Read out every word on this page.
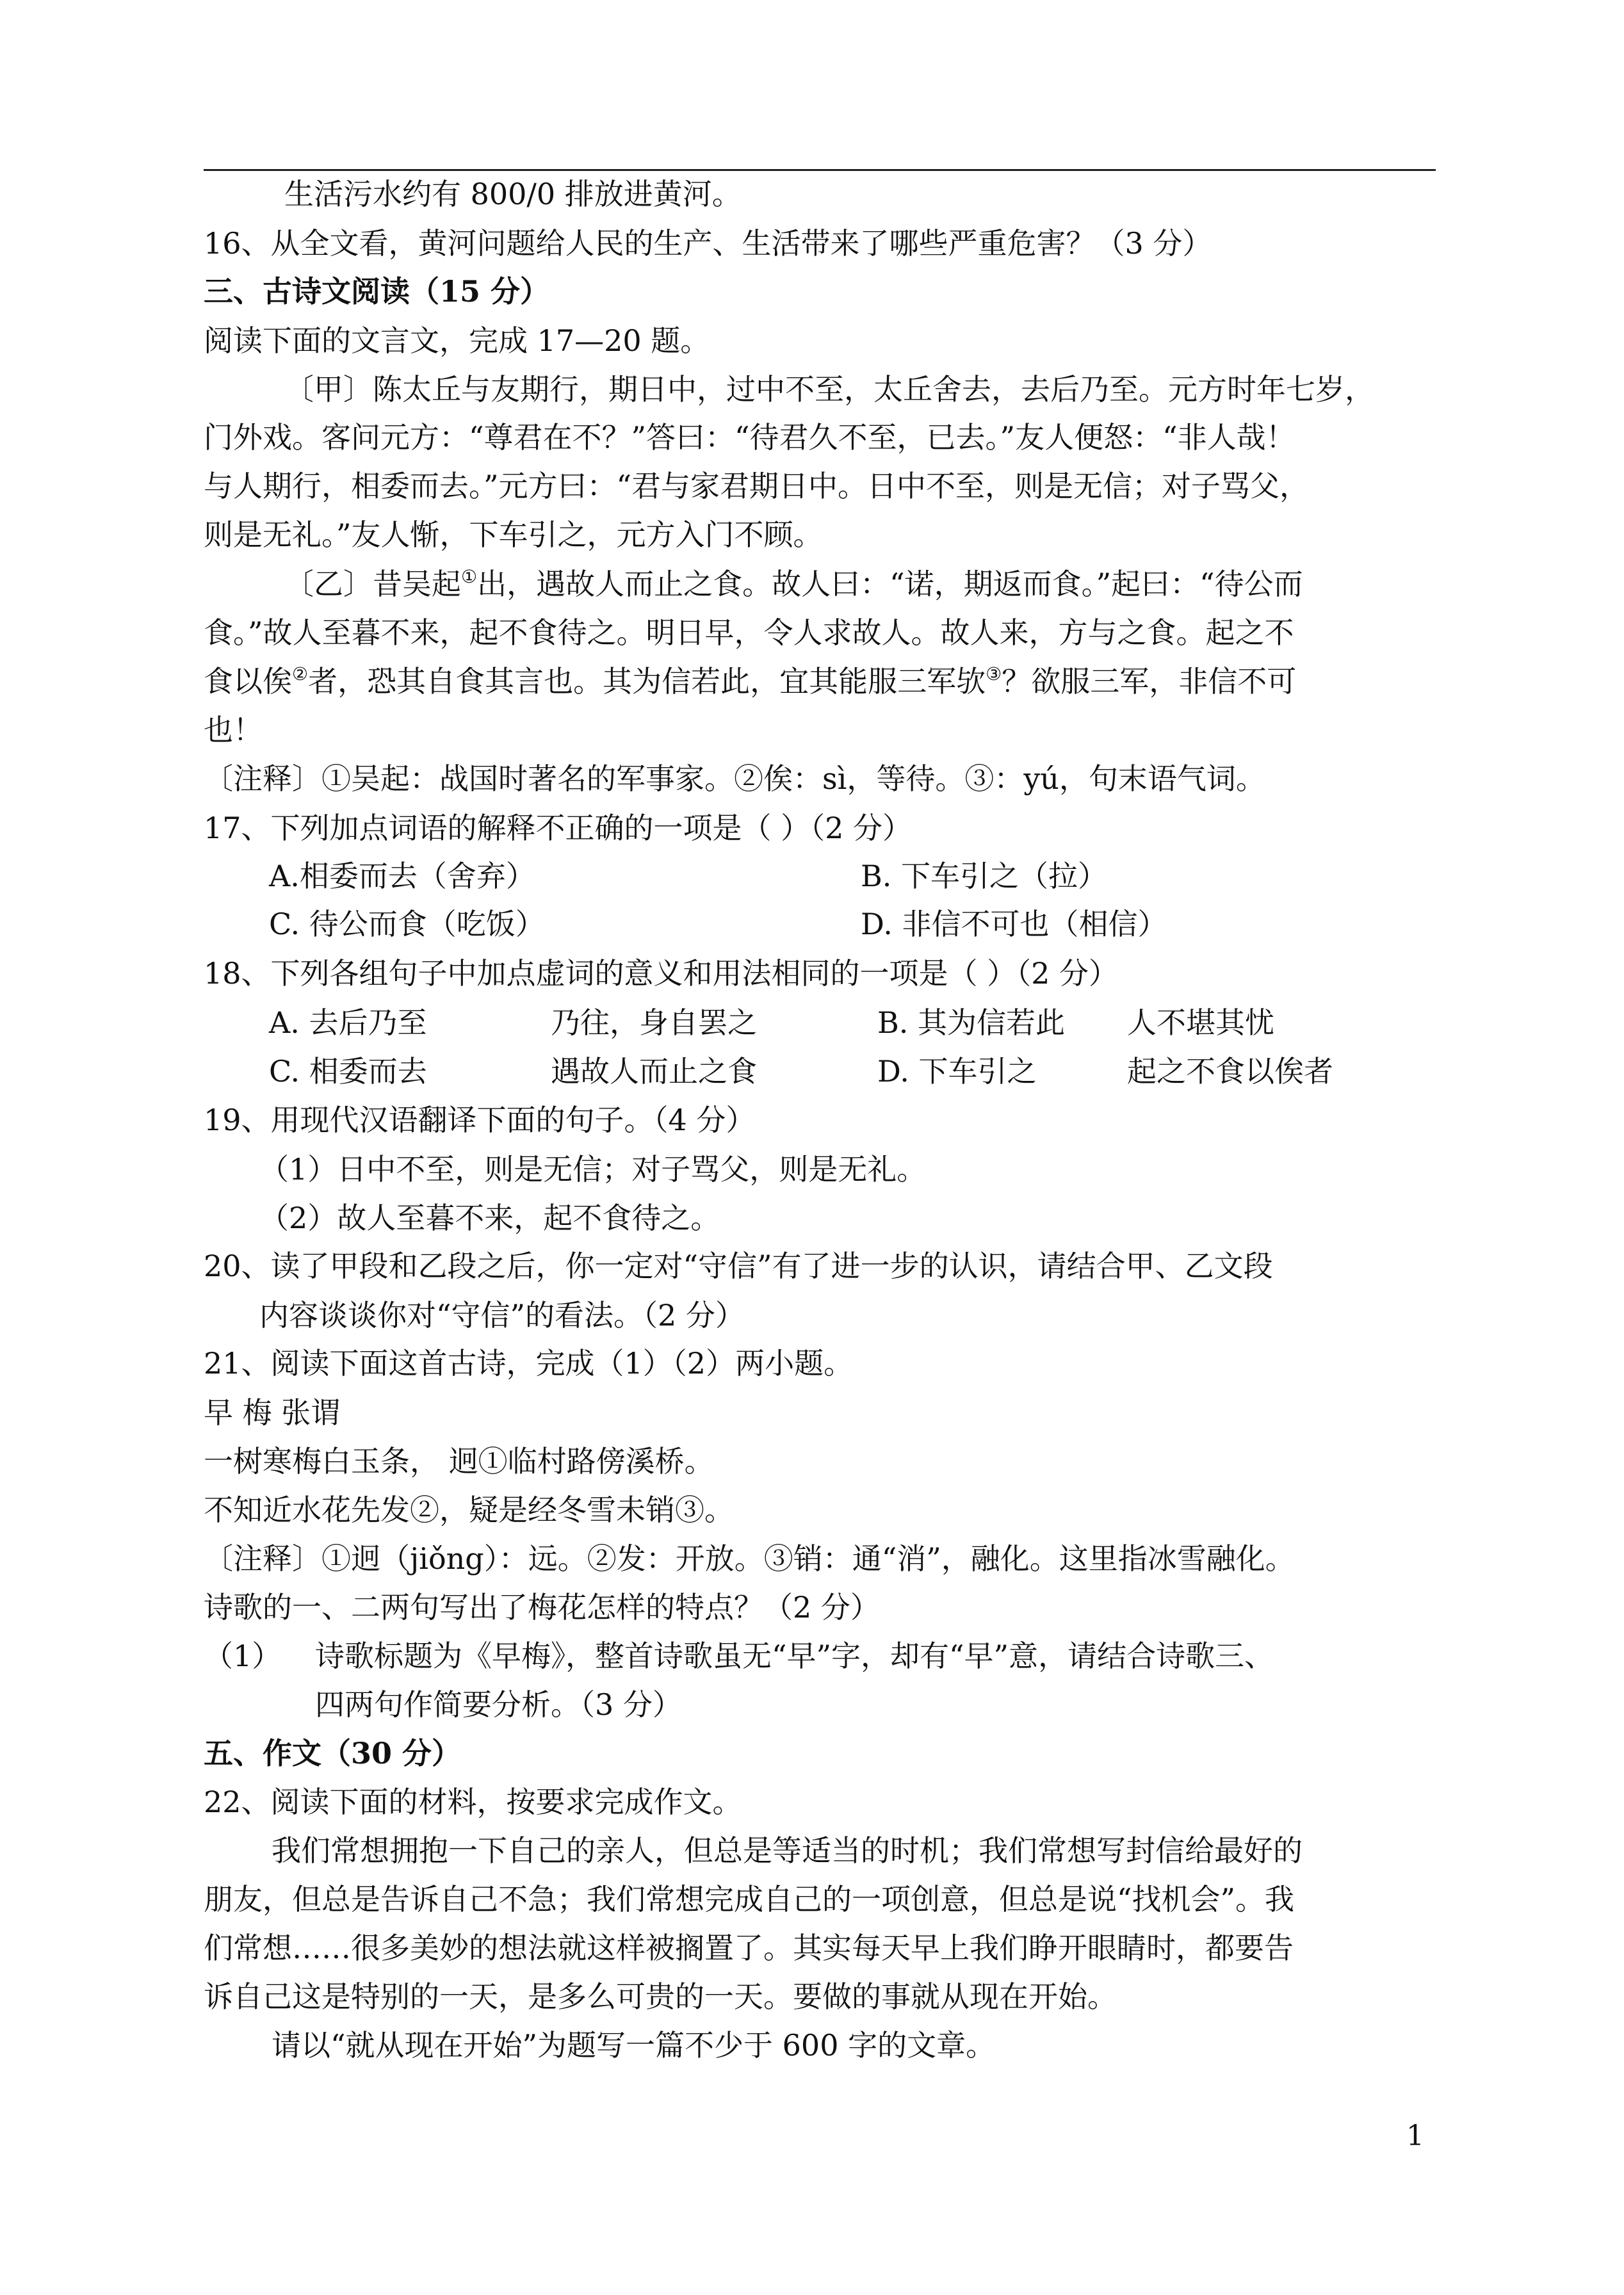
生活污水约有 800/0 排放进黄河。
16、从全文看，黄河问题给人民的生产、生活带来了哪些严重危害？（3 分）
三、古诗文阅读（15 分）
阅读下面的文言文，完成 17—20 题。
〔甲〕陈太丘与友期行，期日中，过中不至，太丘舍去，去后乃至。元方时年七岁，
门外戏。客问元方：“尊君在不？”答曰：“待君久不至，已去。”友人便怒：“非人哉！
与人期行，相委而去。”元方曰：“君与家君期日中。日中不至，则是无信；对子骂父，
则是无礼。”友人惭，下车引之，元方入门不顾。
〔乙〕昔吴起①出，遇故人而止之食。故人曰：“诺，期返而食。”起曰：“待公而
食。”故人至暮不来，起不食待之。明日早，令人求故人。故人来，方与之食。起之不
食以俟②者，恐其自食其言也。其为信若此，宜其能服三军欤③？欲服三军，非信不可
也！
〔注释〕①吴起：战国时著名的军事家。②俟：sì，等待。③：yú，句末语气词。
17、下列加点词语的解释不正确的一项是（ ）（2 分）
A.相委而去（舍弃）	B. 下车引之（拉）
C. 待公而食（吃饭）	D. 非信不可也（相信）
18、下列各组句子中加点虚词的意义和用法相同的一项是（ ）（2 分）
A. 去后乃至	乃往，身自罢之	B. 其为信若此 人不堪其忧
C. 相委而去	遇故人而止之食	D. 下车引之	起之不食以俟者
19、用现代汉语翻译下面的句子。（4 分）
（1）日中不至，则是无信；对子骂父，则是无礼。
（2）故人至暮不来，起不食待之。
20、读了甲段和乙段之后，你一定对“守信”有了进一步的认识，请结合甲、乙文段
内容谈谈你对“守信”的看法。（2 分）
21、阅读下面这首古诗，完成（1）（2）两小题。
早 梅 张谓
一树寒梅白玉条， 迥①临村路傍溪桥。
不知近水花先发②，疑是经冬雪未销③。
〔注释〕①迥（jiǒng）：远。②发：开放。③销：通“消”，融化。这里指冰雪融化。
诗歌的一、二两句写出了梅花怎样的特点？（2 分）
（1） 诗歌标题为《早梅》，整首诗歌虽无“早”字，却有“早”意，请结合诗歌三、
四两句作简要分析。（3 分）
五、作文（30 分）
22、阅读下面的材料，按要求完成作文。
我们常想拥抱一下自己的亲人，但总是等适当的时机；我们常想写封信给最好的
朋友，但总是告诉自己不急；我们常想完成自己的一项创意，但总是说“找机会”。我
们常想……很多美妙的想法就这样被搁置了。其实每天早上我们睁开眼睛时，都要告
诉自己这是特别的一天，是多么可贵的一天。要做的事就从现在开始。
请以“就从现在开始”为题写一篇不少于 600 字的文章。
1
